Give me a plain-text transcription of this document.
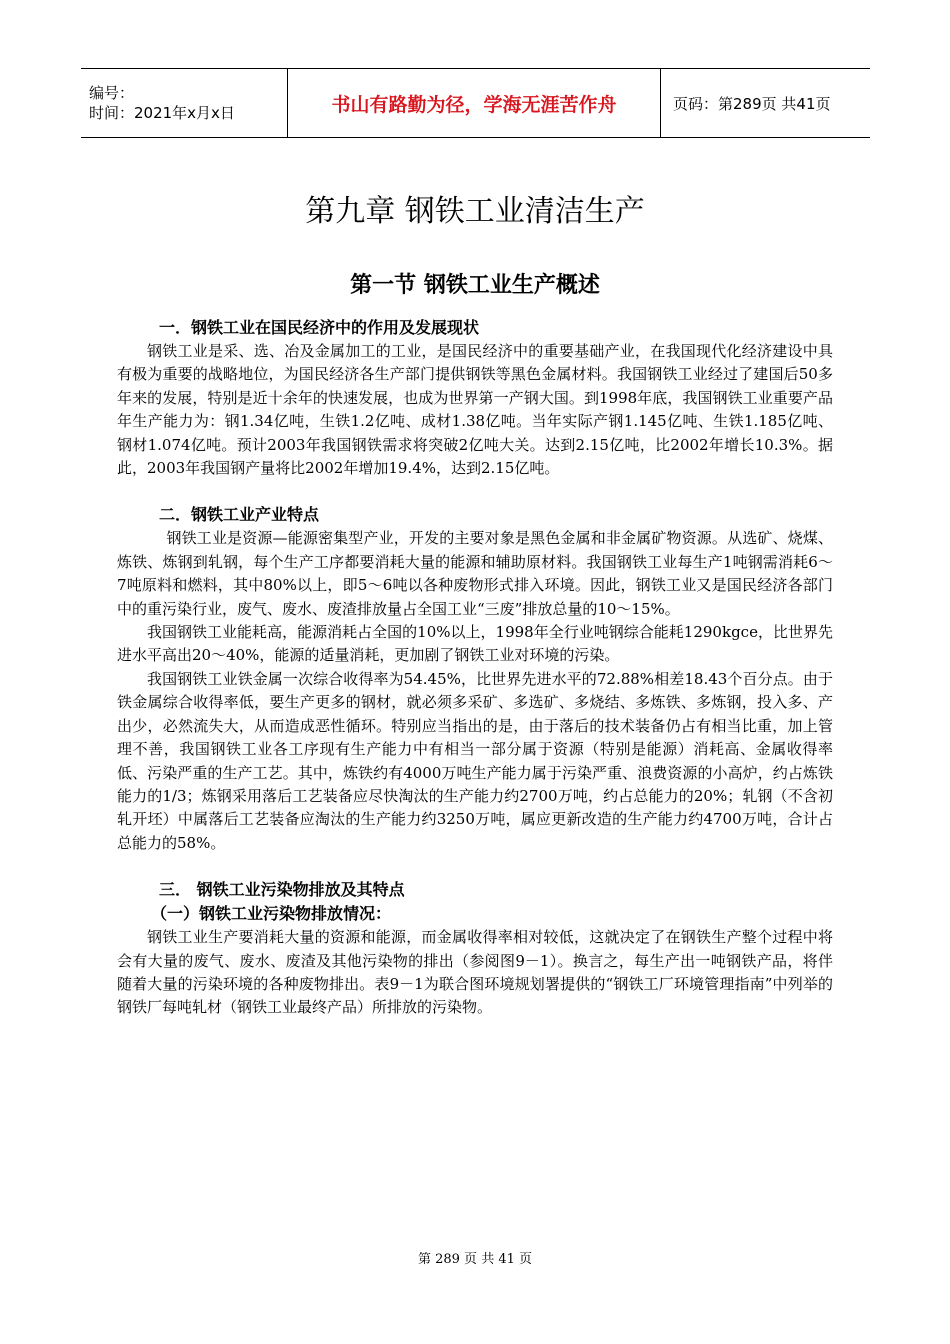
编号：
时间：2021年x月x日	书山有路勤为径，学海无涯苦作舟	页码：第289页 共41页
第九章 钢铁工业清洁生产
第一节 钢铁工业生产概述
一．钢铁工业在国民经济中的作用及发展现状

钢铁工业是采、选、冶及金属加工的工业，是国民经济中的重要基础产业，在我国现代化经济建设中具有极为重要的战略地位，为国民经济各生产部门提供钢铁等黑色金属材料。我国钢铁工业经过了建国后50多年来的发展，特别是近十余年的快速发展，也成为世界第一产钢大国。到1998年底，我国钢铁工业重要产品年生产能力为：钢1.34亿吨，生铁1.2亿吨、成材1.38亿吨。当年实际产钢1.145亿吨、生铁1.185亿吨、钢材1.074亿吨。预计2003年我国钢铁需求将突破2亿吨大关。达到2.15亿吨，比2002年增长10.3%。据此，2003年我国钢产量将比2002年增加19.4%，达到2.15亿吨。

二．钢铁工业产业特点

钢铁工业是资源—能源密集型产业，开发的主要对象是黑色金属和非金属矿物资源。从选矿、烧煤、炼铁、炼钢到轧钢，每个生产工序都要消耗大量的能源和辅助原材料。我国钢铁工业每生产1吨钢需消耗6～7吨原料和燃料，其中80%以上，即5～6吨以各种废物形式排入环境。因此，钢铁工业又是国民经济各部门中的重污染行业，废气、废水、废渣排放量占全国工业“三废”排放总量的10～15%。

我国钢铁工业能耗高，能源消耗占全国的10%以上，1998年全行业吨钢综合能耗1290kgce，比世界先进水平高出20～40%，能源的适量消耗，更加剧了钢铁工业对环境的污染。

我国钢铁工业铁金属一次综合收得率为54.45%，比世界先进水平的72.88%相差18.43个百分点。由于铁金属综合收得率低，要生产更多的钢材，就必须多采矿、多选矿、多烧结、多炼铁、多炼钢，投入多、产出少，必然流失大，从而造成恶性循环。特别应当指出的是，由于落后的技术装备仍占有相当比重，加上管理不善，我国钢铁工业各工序现有生产能力中有相当一部分属于资源（特别是能源）消耗高、金属收得率低、污染严重的生产工艺。其中，炼铁约有4000万吨生产能力属于污染严重、浪费资源的小高炉，约占炼铁能力的1/3；炼钢采用落后工艺装备应尽快淘汰的生产能力约2700万吨，约占总能力的20%；轧钢（不含初轧开坯）中属落后工艺装备应淘汰的生产能力约3250万吨，属应更新改造的生产能力约4700万吨，合计占总能力的58%。

三． 钢铁工业污染物排放及其特点
（一）钢铁工业污染物排放情况：

钢铁工业生产要消耗大量的资源和能源，而金属收得率相对较低，这就决定了在钢铁生产整个过程中将会有大量的废气、废水、废渣及其他污染物的排出（参阅图9－1）。换言之，每生产出一吨钢铁产品，将伴随着大量的污染环境的各种废物排出。表9－1为联合图环境规划署提供的“钢铁工厂环境管理指南”中列举的钢铁厂每吨轧材（钢铁工业最终产品）所排放的污染物。

第 289 页 共 41 页
